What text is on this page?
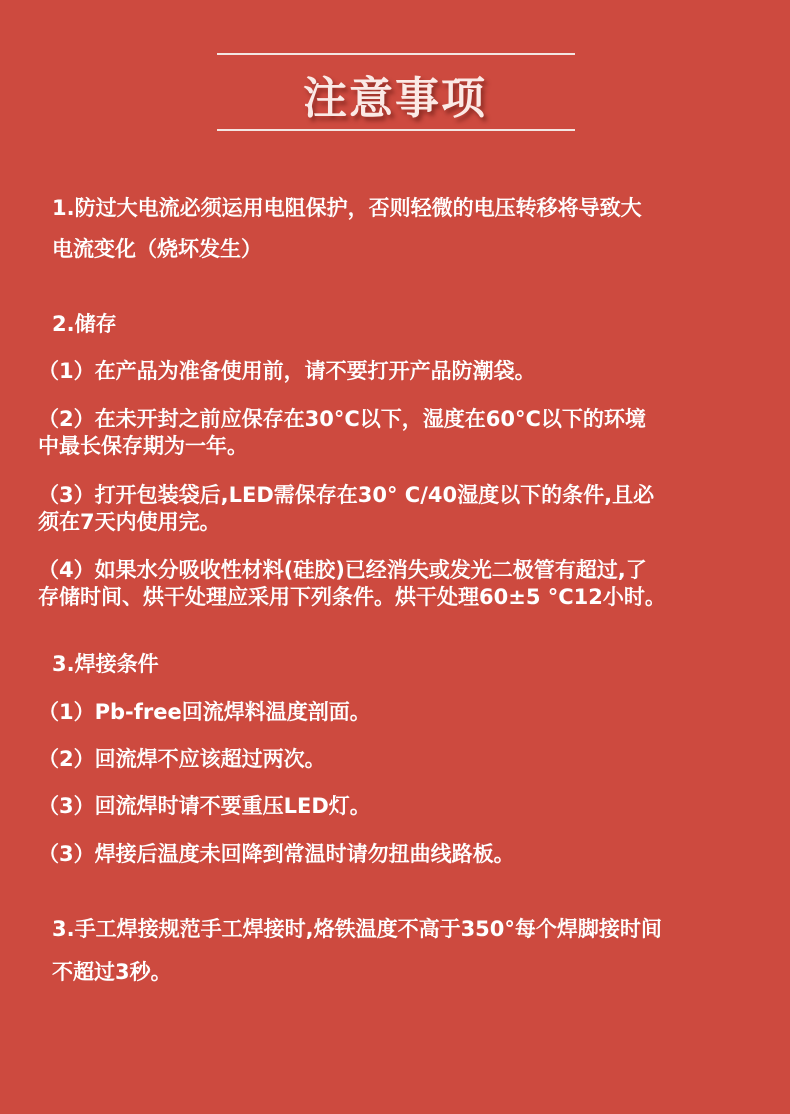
注意事项
1.防过大电流必须运用电阻保护，否则轻微的电压转移将导致大
电流变化（烧坏发生）
2.储存
（1）在产品为准备使用前，请不要打开产品防潮袋。
（2）在未开封之前应保存在30°C以下，湿度在60°C以下的环境
中最长保存期为一年。
（3）打开包装袋后,LED需保存在30° C/40湿度以下的条件,且必
须在7天内使用完。
（4）如果水分吸收性材料(硅胶)已经消失或发光二极管有超过,了
存储时间、烘干处理应采用下列条件。烘干处理60±5 °C12小时。
3.焊接条件
（1）Pb-free回流焊料温度剖面。
（2）回流焊不应该超过两次。
（3）回流焊时请不要重压LED灯。
（3）焊接后温度未回降到常温时请勿扭曲线路板。
3.手工焊接规范手工焊接时,烙铁温度不高于350°每个焊脚接时间
不超过3秒。
